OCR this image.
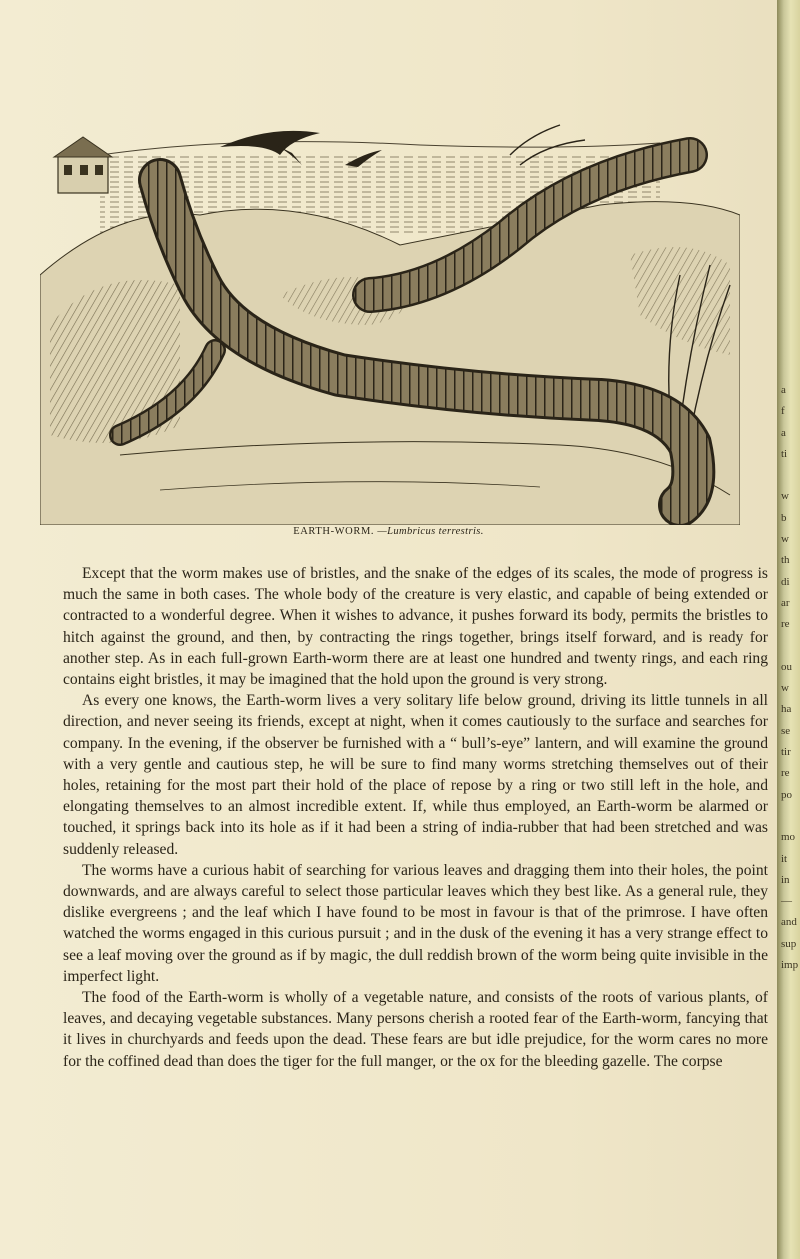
EARTH-WORM. —Lumbricus terrestris.

Except that the worm makes use of bristles, and the snake of the edges of its scales, the mode of progress is much the same in both cases. The whole body of the creature is very elastic, and capable of being extended or contracted to a wonderful degree. When it wishes to advance, it pushes forward its body, permits the bristles to hitch against the ground, and then, by contracting the rings together, brings itself forward, and is ready for another step. As in each full-grown Earth-worm there are at least one hundred and twenty rings, and each ring contains eight bristles, it may be imagined that the hold upon the ground is very strong.

As every one knows, the Earth-worm lives a very solitary life below ground, driving its little tunnels in all direction, and never seeing its friends, except at night, when it comes cautiously to the surface and searches for company. In the evening, if the observer be furnished with a “ bull’s-eye” lantern, and will examine the ground with a very gentle and cautious step, he will be sure to find many worms stretching themselves out of their holes, retaining for the most part their hold of the place of repose by a ring or two still left in the hole, and elongating themselves to an almost incredible extent. If, while thus employed, an Earth-worm be alarmed or touched, it springs back into its hole as if it had been a string of india-rubber that had been stretched and was suddenly released.

The worms have a curious habit of searching for various leaves and dragging them into their holes, the point downwards, and are always careful to select those particular leaves which they best like. As a general rule, they dislike evergreens ; and the leaf which I have found to be most in favour is that of the primrose. I have often watched the worms engaged in this curious pursuit ; and in the dusk of the evening it has a very strange effect to see a leaf moving over the ground as if by magic, the dull reddish brown of the worm being quite invisible in the imperfect light.

The food of the Earth-worm is wholly of a vegetable nature, and consists of the roots of various plants, of leaves, and decaying vegetable substances. Many persons cherish a rooted fear of the Earth-worm, fancying that it lives in churchyards and feeds upon the dead. These fears are but idle prejudice, for the worm cares no more for the coffined dead than does the tiger for the full manger, or the ox for the bleeding gazelle. The corpse

a
f
a
ti

w
b
w
th
di
ar
re

ou
w
ha
se
tir
re
po

mo
it
in
—
and
sup
imp
